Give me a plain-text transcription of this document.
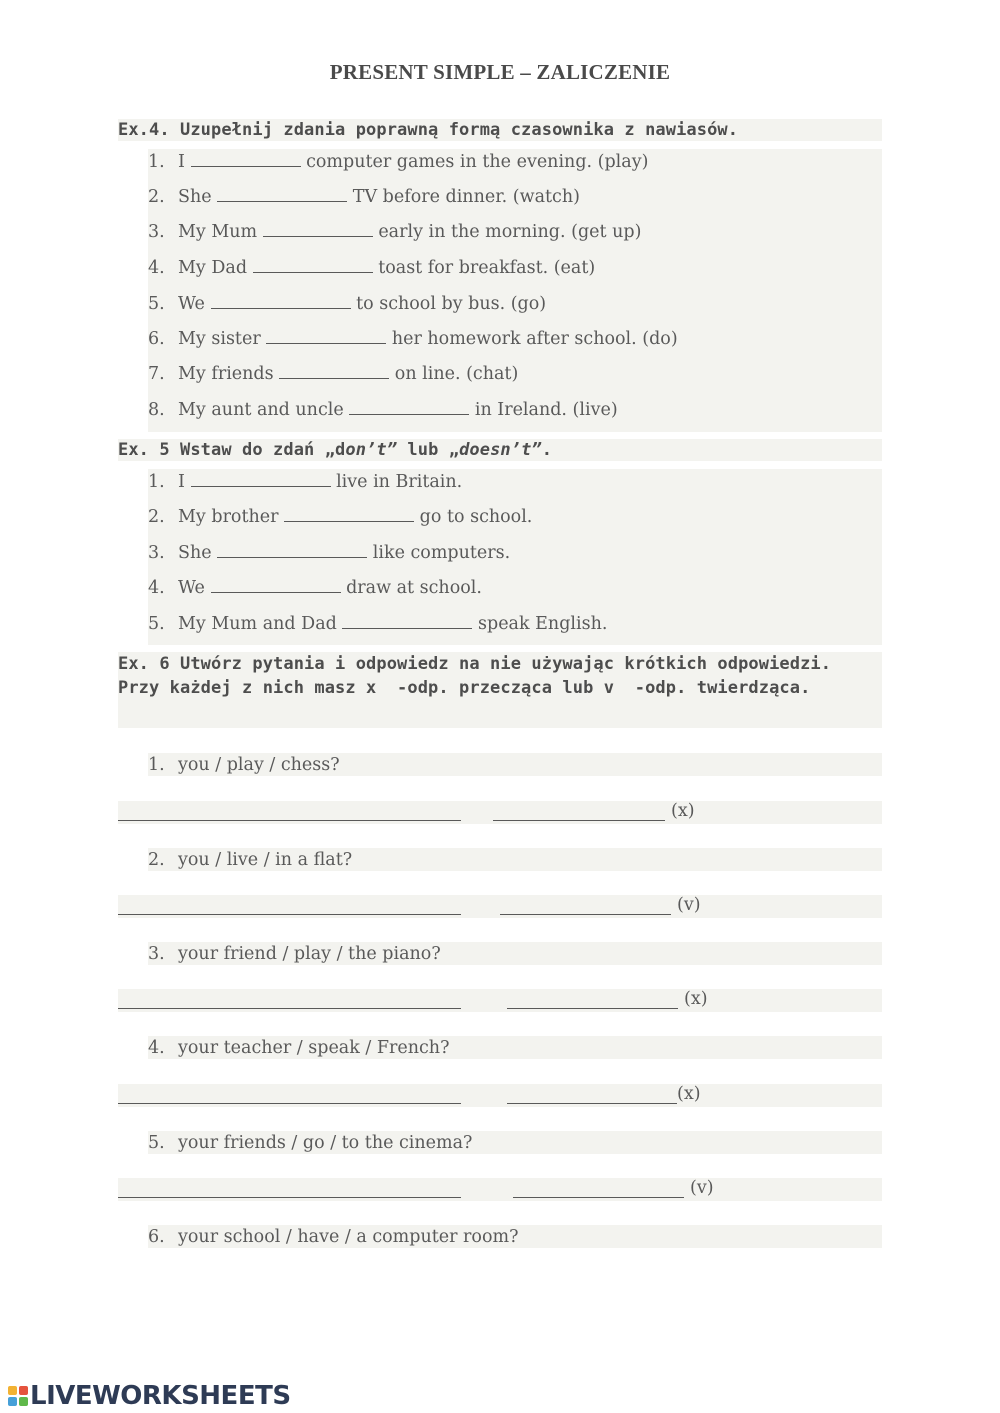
PRESENT SIMPLE – ZALICZENIE
Ex.4. Uzupełnij zdania poprawną formą czasownika z nawiasów.
1. I	computer games in the evening. (play)
2. She	TV before dinner. (watch)
3. My Mum	early in the morning. (get up)
4. My Dad	toast for breakfast. (eat)
5. We	to school by bus. (go)
6. My sister	her homework after school. (do)
7. My friends	on line. (chat)
8. My aunt and uncle	in Ireland. (live)
Ex. 5 Wstaw do zdań „don’t” lub „doesn’t”.
1. I	live in Britain.
2. My brother	go to school.
3. She	like computers.
4. We	draw at school.
5. My Mum and Dad	speak English.
Ex. 6 Utwórz pytania i odpowiedz na nie używając krótkich odpowiedzi.
Przy każdej z nich masz x  -odp. przecząca lub v  -odp. twierdząca.
1. you / play / chess?
(x)
2. you / live / in a flat?
(v)
3. your friend / play / the piano?
(x)
4. your teacher / speak / French?
(x)
5. your friends / go / to the cinema?
(v)
6. your school / have / a computer room?
LIVEWORKSHEETS
